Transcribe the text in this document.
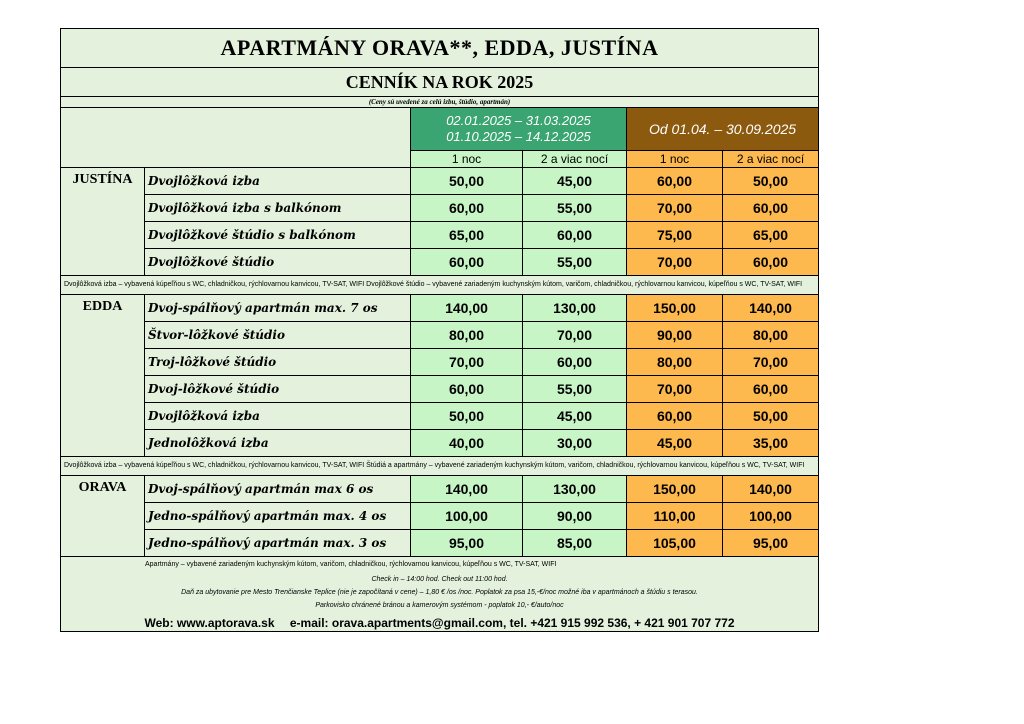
APARTMÁNY ORAVA**, EDDA, JUSTÍNA					
CENNÍK NA ROK 2025					
(Ceny sú uvedené za celú izbu, štúdio, apartmán)					
		02.01.2025 – 31.03.2025
01.10.2025 – 14.12.2025		Od 01.04. – 30.09.2025	
		1 noc	2 a viac nocí	1 noc	2 a viac nocí
JUSTÍNA	Dvojlôžková izba	50,00	45,00	60,00	50,00
	Dvojlôžková izba s balkónom	60,00	55,00	70,00	60,00
	Dvojlôžkové štúdio s balkónom	65,00	60,00	75,00	65,00
	Dvojlôžkové štúdio	60,00	55,00	70,00	60,00
Dvojlôžková izba – vybavená kúpeľňou s WC, chladničkou, rýchlovarnou kanvicou, TV-SAT, WIFI Dvojlôžkové štúdio – vybavené zariadeným kuchynským kútom, varičom, chladničkou, rýchlovarnou kanvicou, kúpeľňou s WC, TV-SAT, WIFI					
EDDA	Dvoj-spálňový apartmán max. 7 os	140,00	130,00	150,00	140,00
	Štvor-lôžkové štúdio	80,00	70,00	90,00	80,00
	Troj-lôžkové štúdio	70,00	60,00	80,00	70,00
	Dvoj-lôžkové štúdio	60,00	55,00	70,00	60,00
	Dvojlôžková izba	50,00	45,00	60,00	50,00
	Jednolôžková izba	40,00	30,00	45,00	35,00
Dvojlôžková izba – vybavená kúpeľňou s WC, chladničkou, rýchlovarnou kanvicou, TV-SAT, WIFI Štúdiá a apartmány – vybavené zariadeným kuchynským kútom, varičom, chladničkou, rýchlovarnou kanvicou, kúpeľňou s WC, TV-SAT, WIFI					
ORAVA	Dvoj-spálňový apartmán max 6 os	140,00	130,00	150,00	140,00
	Jedno-spálňový apartmán max. 4 os	100,00	90,00	110,00	100,00
	Jedno-spálňový apartmán max. 3 os	95,00	85,00	105,00	95,00

Apartmány – vybavené zariadeným kuchynským kútom, varičom, chladničkou, rýchlovarnou kanvicou, kúpeľňou s WC, TV-SAT, WIFI
Check in – 14:00 hod. Check out 11:00 hod.
Daň za ubytovanie pre Mesto Trenčianske Teplice (nie je započítaná v cene) – 1,80 € /os /noc. Poplatok za psa 15,-€/noc možné iba v apartmánoch a štúdiu s terasou.
Parkovisko chránené bránou a kamerovým systémom - poplatok 10,- €/auto/noc
Web: www.aptorava.sk e-mail: orava.apartments@gmail.com, tel. +421 915 992 536, + 421 901 707 772					
